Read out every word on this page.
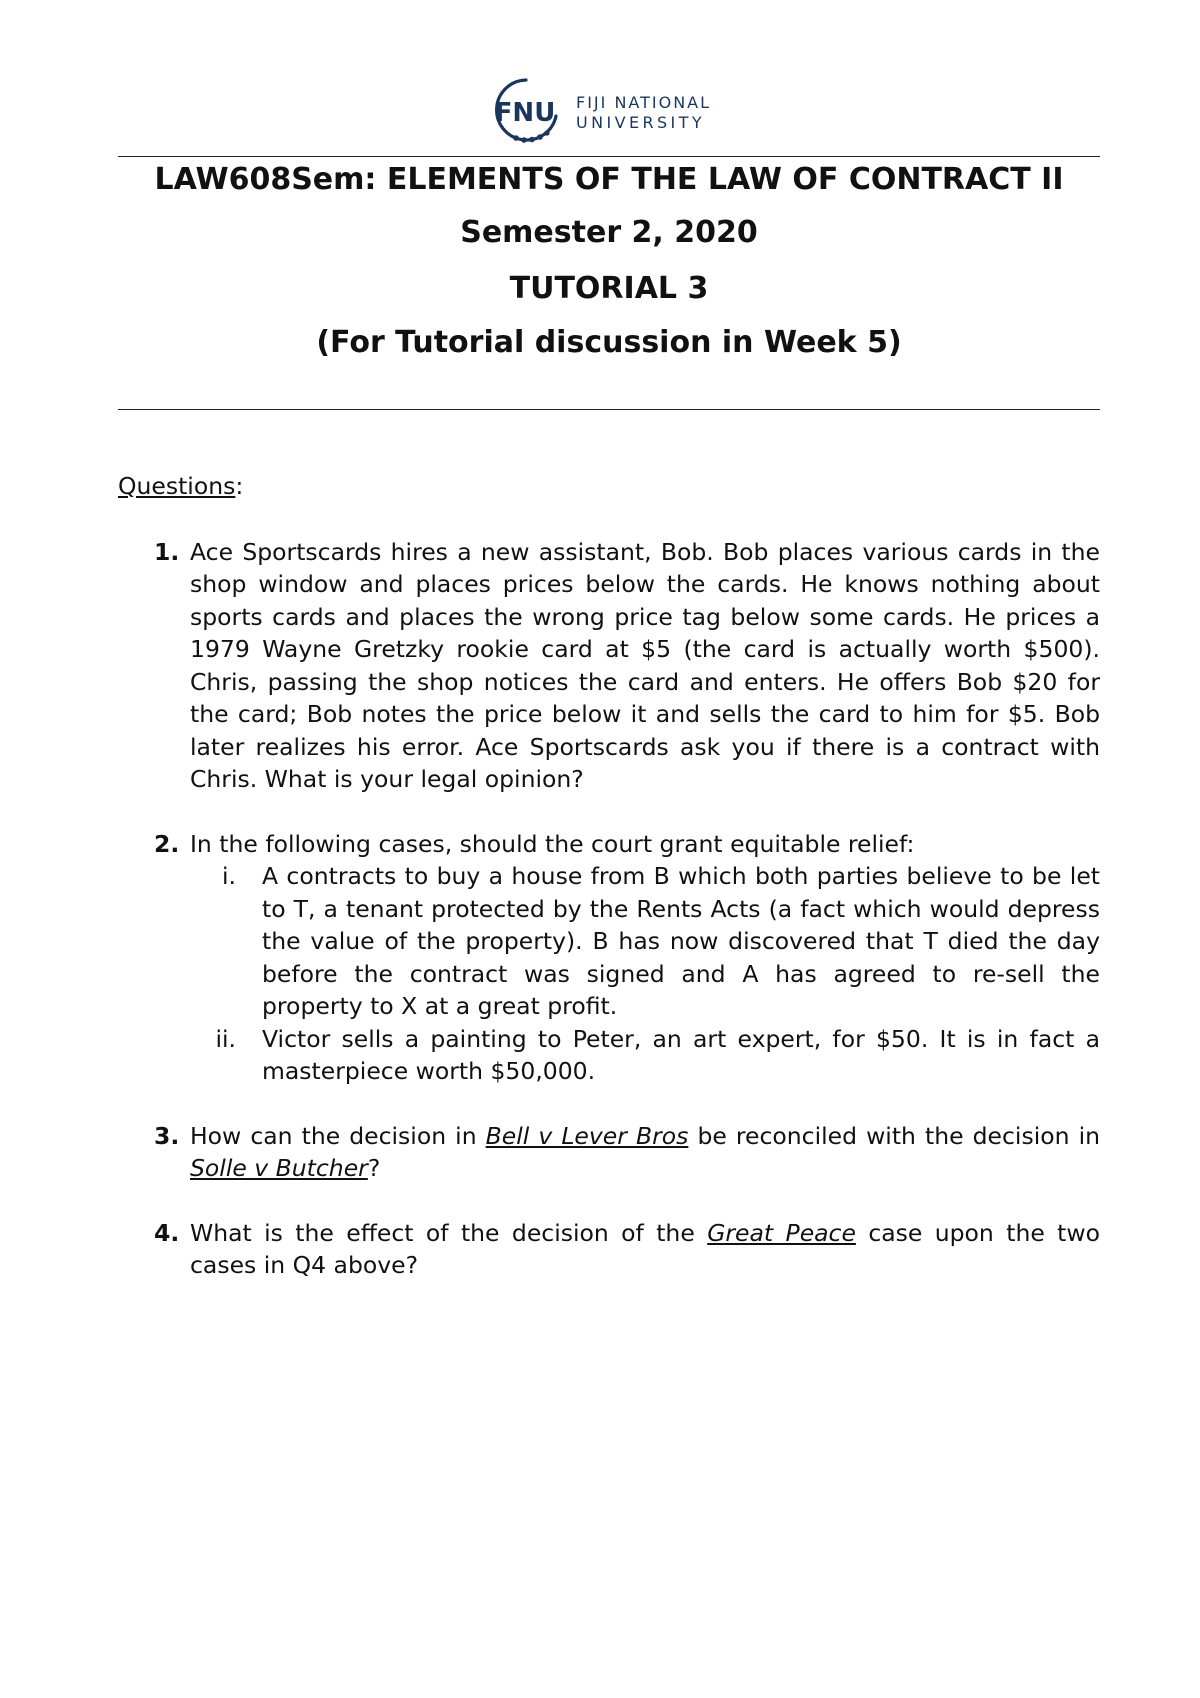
FNU FIJI NATIONAL
UNIVERSITY
LAW608Sem: ELEMENTS OF THE LAW OF CONTRACT II
Semester 2, 2020
TUTORIAL 3
(For Tutorial discussion in Week 5)

Questions:

1. Ace Sportscards hires a new assistant, Bob. Bob places various cards in the shop window and places prices below the cards. He knows nothing about sports cards and places the wrong price tag below some cards. He prices a 1979 Wayne Gretzky rookie card at $5 (the card is actually worth $500). Chris, passing the shop notices the card and enters. He offers Bob $20 for the card; Bob notes the price below it and sells the card to him for $5. Bob later realizes his error. Ace Sportscards ask you if there is a contract with Chris. What is your legal opinion?
2. In the following cases, should the court grant equitable relief:
i. A contracts to buy a house from B which both parties believe to be let to T, a tenant protected by the Rents Acts (a fact which would depress the value of the property). B has now discovered that T died the day before the contract was signed and A has agreed to re-sell the property to X at a great profit.
ii. Victor sells a painting to Peter, an art expert, for $50. It is in fact a masterpiece worth $50,000.
3. How can the decision in Bell v Lever Bros be reconciled with the decision in Solle v Butcher?
4. What is the effect of the decision of the Great Peace case upon the two cases in Q4 above?
